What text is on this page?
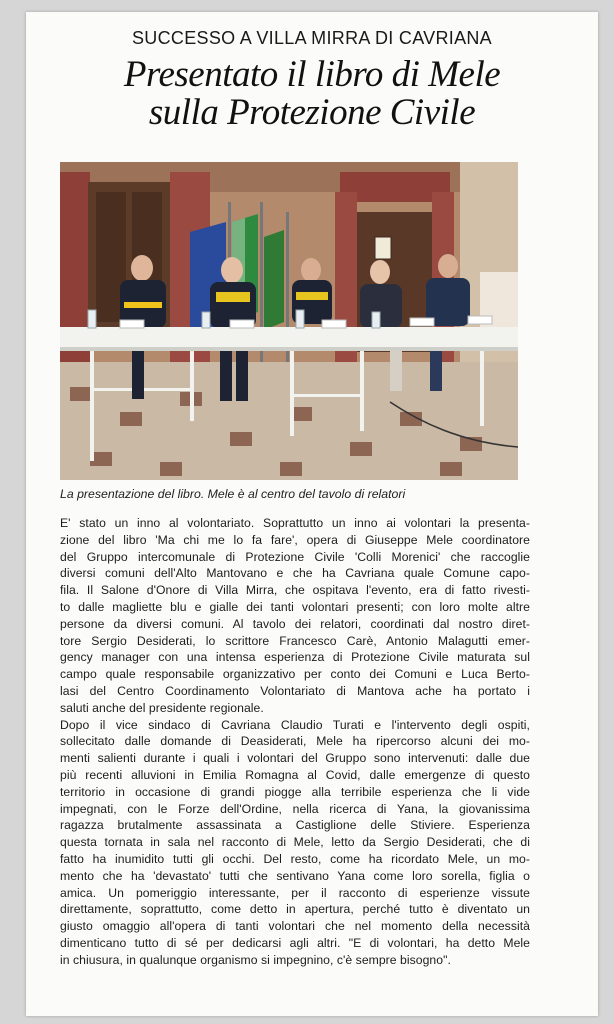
SUCCESSO A VILLA MIRRA DI CAVRIANA
Presentato il libro di Mele
sulla Protezione Civile
La presentazione del libro. Mele è al centro del tavolo di relatori

E' stato un inno al volontariato. Soprattutto un inno ai volontari la presenta-
zione del libro 'Ma chi me lo fa fare', opera di Giuseppe Mele coordinatore
del Gruppo intercomunale di Protezione Civile 'Colli Morenici' che raccoglie
diversi comuni dell'Alto Mantovano e che ha Cavriana quale Comune capo-
fila. Il Salone d'Onore di Villa Mirra, che ospitava l'evento, era di fatto rivesti-
to dalle magliette blu e gialle dei tanti volontari presenti; con loro molte altre
persone da diversi comuni. Al tavolo dei relatori, coordinati dal nostro diret-
tore Sergio Desiderati, lo scrittore Francesco Carè, Antonio Malagutti emer-
gency manager con una intensa esperienza di Protezione Civile maturata sul
campo quale responsabile organizzativo per conto dei Comuni e Luca Berto-
lasi del Centro Coordinamento Volontariato di Mantova ache ha portato i
saluti anche del presidente regionale.

Dopo il vice sindaco di Cavriana Claudio Turati e l'intervento degli ospiti,
sollecitato dalle domande di Deasiderati, Mele ha ripercorso alcuni dei mo-
menti salienti durante i quali i volontari del Gruppo sono intervenuti: dalle due
più recenti alluvioni in Emilia Romagna al Covid, dalle emergenze di questo
territorio in occasione di grandi piogge alla terribile esperienza che li vide
impegnati, con le Forze dell'Ordine, nella ricerca di Yana, la giovanissima
ragazza brutalmente assassinata a Castiglione delle Stiviere. Esperienza
questa tornata in sala nel racconto di Mele, letto da Sergio Desiderati, che di
fatto ha inumidito tutti gli occhi. Del resto, come ha ricordato Mele, un mo-
mento che ha 'devastato' tutti che sentivano Yana come loro sorella, figlia o
amica. Un pomeriggio interessante, per il racconto di esperienze vissute
direttamente, soprattutto, come detto in apertura, perché tutto è diventato un
giusto omaggio all'opera di tanti volontari che nel momento della necessità
dimenticano tutto di sé per dedicarsi agli altri. "E di volontari, ha detto Mele
in chiusura, in qualunque organismo si impegnino, c'è sempre bisogno".
